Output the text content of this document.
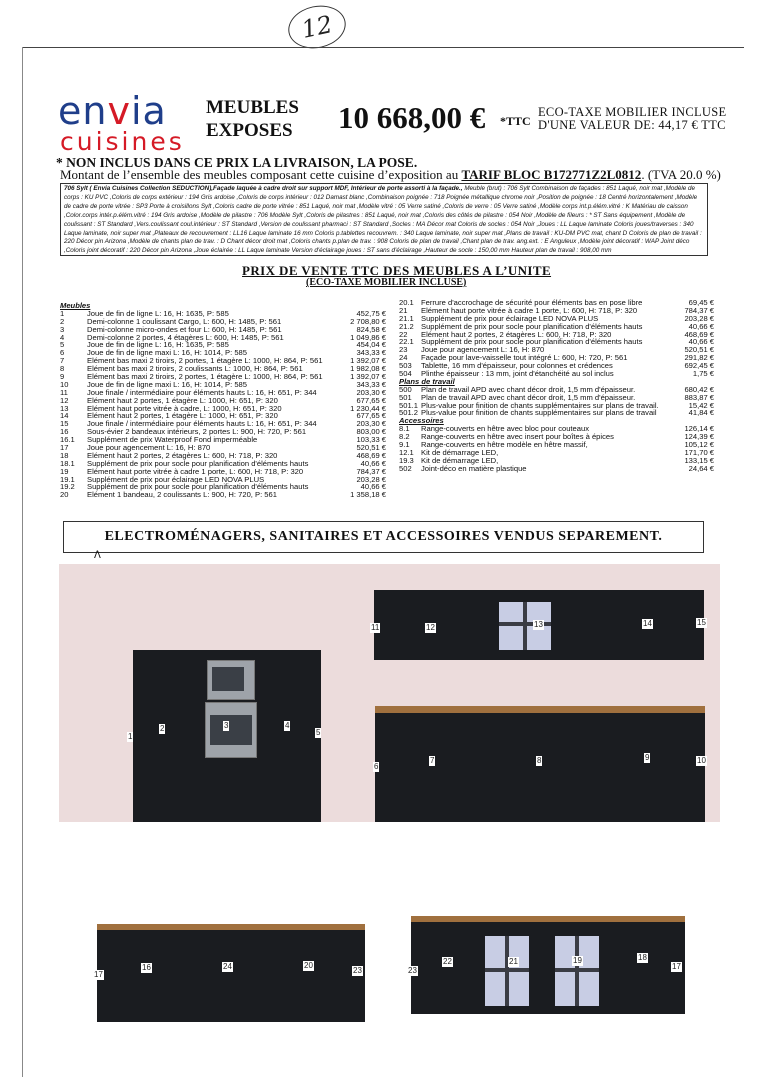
12
envia
cuisines
MEUBLES
EXPOSES 10 668,00 € *TTC
ECO-TAXE MOBILIER INCLUSE
D'UNE VALEUR DE: 44,17 € TTC
* NON INCLUS DANS CE PRIX LA LIVRAISON, LA POSE.
Montant de l’ensemble des meubles composant cette cuisine d’exposition au TARIF BLOC B172771Z2L0812. (TVA 20.0 %)
706 Sylt ( Envia Cuisines Collection SEDUCTION),Façade laquée à cadre droit sur support MDF, Intérieur de porte assorti à la façade., Meuble (brut) : 706 Sylt Combinaison de façades : 851 Laqué, noir mat ,Modèle de corps : KU PVC ,Coloris de corps extérieur : 194 Gris ardoise ,Coloris de corps intérieur : 012 Damast blanc ,Combinaison poignée : 718 Poignée métallique chrome noir ,Position de poignée : 18 Centré horizontalement ,Modèle de cadre de porte vitrée : SP3 Porte à croisillons Sylt ,Coloris cadre de porte vitrée : 851 Laqué, noir mat ,Modèle vitré : 05 Verre satiné ,Coloris de verre : 05 Verre satiné ,Modèle corps int.p.élém.vitré : K Matériau de caisson ,Color.corps intér.p.élém.vitré : 194 Gris ardoise ,Modèle de pilastre : 706 Modèle Sylt ,Coloris de pilastres : 851 Laqué, noir mat ,Coloris des côtés de pilastre : 054 Noir ,Modèle de fileurs : * ST Sans équipement ,Modèle de coulissant : ST Standard ,Vers.coulissant coul.intérieur : ST Standard ,Version de coulissant pharmaci : ST Standard ,Socles : MA Décor mat Coloris de socles : 054 Noir ,Joues : LL Laque laminate Coloris joues/traverses : 340 Laque laminate, noir super mat ,Plateaux de recouvrement : LL16 Laque laminate 16 mm Coloris p.tablettes recouvrem. : 340 Laque laminate, noir super mat ,Plans de travail : KU-DM PVC mat, chant D Coloris de plan de travail : 220 Décor pin Arizona ,Modèle de chants plan de trav. : D Chant décor droit mat ,Coloris chants p.plan de trav. : 908 Coloris de plan de travail ,Chant plan de trav. ang.ext. : E Anguleux ,Modèle joint décoratif : WAP Joint déco ,Coloris joint décoratif : 220 Décor pin Arizona ,Joue éclairée : LL Laque laminate Version d'éclairage joues : ST sans d'éclairage ,Hauteur de socle : 150,00 mm Hauteur plan de travail : 908,00 mm
PRIX DE VENTE TTC DES MEUBLES A L’UNITE
(ECO-TAXE MOBILIER INCLUSE)
Meubles
1	Joue de fin de ligne L: 16, H: 1635, P: 585	452,75 €
2	Demi-colonne 1 coulissant Cargo, L: 600, H: 1485, P: 561	2 708,80 €
3	Demi-colonne micro-ondes et four L: 600, H: 1485, P: 561	824,58 €
4	Demi-colonne 2 portes, 4 étagères L: 600, H: 1485, P: 561	1 049,86 €
5	Joue de fin de ligne L: 16, H: 1635, P: 585	454,04 €
6	Joue de fin de ligne maxi L: 16, H: 1014, P: 585	343,33 €
7	Elément bas maxi 2 tiroirs, 2 portes, 1 étagère L: 1000, H: 864, P: 561	1 392,07 €
8	Elément bas maxi 2 tiroirs, 2 coulissants L: 1000, H: 864, P: 561	1 982,08 €
9	Elément bas maxi 2 tiroirs, 2 portes, 1 étagère L: 1000, H: 864, P: 561	1 392,07 €
10 Joue de fin de ligne maxi L: 16, H: 1014, P: 585	343,33 €
11	Joue finale / intermédiaire pour éléments hauts L: 16, H: 651, P: 344	203,30 €
12 Elément haut 2 portes, 1 étagère L: 1000, H: 651, P: 320	677,65 €
13 Elément haut porte vitrée à cadre, L: 1000, H: 651, P: 320	1 230,44 €
14 Elément haut 2 portes, 1 étagère L: 1000, H: 651, P: 320	677,65 €
15 Joue finale / intermédiaire pour éléments hauts L: 16, H: 651, P: 344	203,30 €
16 Sous-évier 2 bandeaux intérieurs, 2 portes L: 900, H: 720, P: 561	803,00 €
16.1 Supplément de prix Waterproof Fond imperméable	103,33 €
17 Joue pour agencement L: 16, H: 870	520,51 €
18 Elément haut 2 portes, 2 étagères L: 600, H: 718, P: 320	468,69 €
18.1 Supplément de prix pour socle pour planification d'éléments hauts	40,66 €
19 Elément haut porte vitrée à cadre 1 porte, L: 600, H: 718, P: 320	784,37 €
19.1 Supplément de prix pour éclairage LED NOVA PLUS	203,28 €
19.2 Supplément de prix pour socle pour planification d'éléments hauts	40,66 €
20 Elément 1 bandeau, 2 coulissants L: 900, H: 720, P: 561	1 358,18 €
20.1 Ferrure d'accrochage de sécurité pour éléments bas en pose libre	69,45 €
21 Elément haut porte vitrée à cadre 1 porte, L: 600, H: 718, P: 320	784,37 €
21.1 Supplément de prix pour éclairage LED NOVA PLUS	203,28 €
21.2 Supplément de prix pour socle pour planification d'éléments hauts	40,66 €
22 Elément haut 2 portes, 2 étagères L: 600, H: 718, P: 320	468,69 €
22.1 Supplément de prix pour socle pour planification d'éléments hauts	40,66 €
23 Joue pour agencement L: 16, H: 870	520,51 €
24 Façade pour lave-vaisselle tout intégré L: 600, H: 720, P: 561	291,82 €
503 Tablette, 16 mm d'épaisseur, pour colonnes et crédences	692,45 €
504 Plinthe épaisseur : 13 mm, joint d'étanchéité au sol inclus	1,75 €
Plans de travail
500 Plan de travail APD avec chant décor droit, 1,5 mm d'épaisseur.	680,42 €
501 Plan de travail APD avec chant décor droit, 1,5 mm d'épaisseur.	883,87 €
501.1 Plus-value pour finition de chants supplémentaires sur plans de travail.	15,42 €
501.2 Plus-value pour finition de chants supplémentaires sur plans de travail	41,84 €
Accessoires
8.1 Range-couverts en hêtre avec bloc pour couteaux	126,14 €
8.2 Range-couverts en hêtre avec insert pour boîtes à épices	124,39 €
9.1 Range-couverts en hêtre modèle en hêtre massif,	105,12 €
12.1 Kit de démarrage LED,	171,70 €
19.3 Kit de démarrage LED,	133,15 €
502 Joint-déco en matière plastique	24,64 €
ELECTROMÉNAGERS, SANITAIRES ET ACCESSOIRES VENDUS SEPAREMENT.
ᐱ
1
2	3	4
5
6
7	8	9	10
11	12	13	14	15
17
16	24	20
23	23
22	21	19	18
17
